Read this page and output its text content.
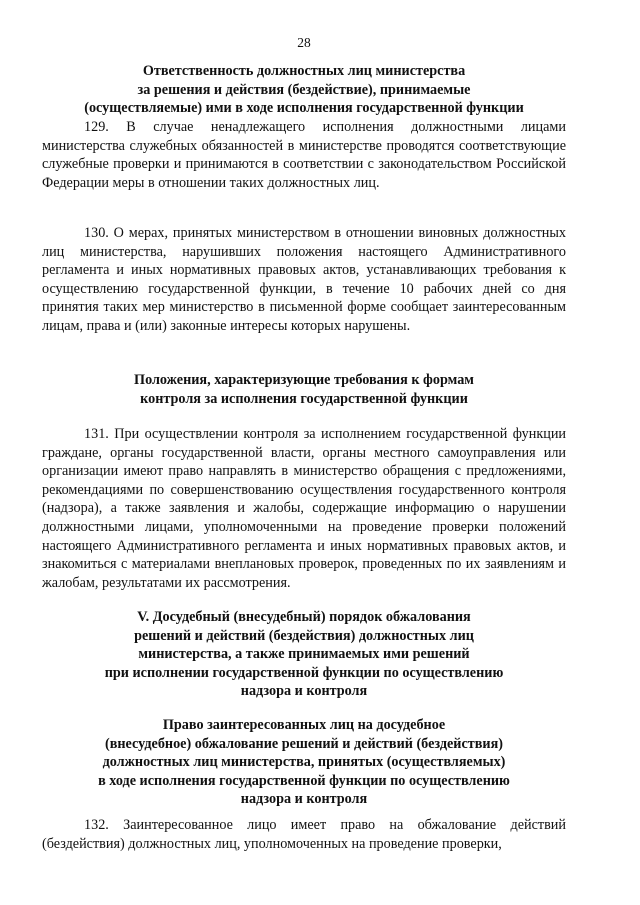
28
Ответственность должностных лиц министерства
за решения и действия (бездействие), принимаемые
(осуществляемые) ими в ходе исполнения государственной функции

129. В случае ненадлежащего исполнения должностными лицами министерства служебных обязанностей в министерстве проводятся соответствующие служебные проверки и принимаются в соответствии с законодательством Российской Федерации меры в отношении таких должностных лиц.

130. О мерах, принятых министерством в отношении виновных должностных лиц министерства, нарушивших положения настоящего Административного регламента и иных нормативных правовых актов, устанавливающих требования к осуществлению государственной функции, в течение 10 рабочих дней со дня принятия таких мер министерство в письменной форме сообщает заинтересованным лицам, права и (или) законные интересы которых нарушены.

Положения, характеризующие требования к формам
контроля за исполнения государственной функции

131. При осуществлении контроля за исполнением государственной функции граждане, органы государственной власти, органы местного самоуправления или организации имеют право направлять в министерство обращения с предложениями, рекомендациями по совершенствованию осуществления государственного контроля (надзора), а также заявления и жалобы, содержащие информацию о нарушении должностными лицами, уполномоченными на проведение проверки положений настоящего Административного регламента и иных нормативных правовых актов, и знакомиться с материалами внеплановых проверок, проведенных по их заявлениям и жалобам, результатами их рассмотрения.

V. Досудебный (внесудебный) порядок обжалования
решений и действий (бездействия) должностных лиц
министерства, а также принимаемых ими решений
при исполнении государственной функции по осуществлению
надзора и контроля
Право заинтересованных лиц на досудебное
(внесудебное) обжалование решений и действий (бездействия)
должностных лиц министерства, принятых (осуществляемых)
в ходе исполнения государственной функции по осуществлению
надзора и контроля

132. Заинтересованное лицо имеет право на обжалование действий (бездействия) должностных лиц, уполномоченных на проведение проверки,
